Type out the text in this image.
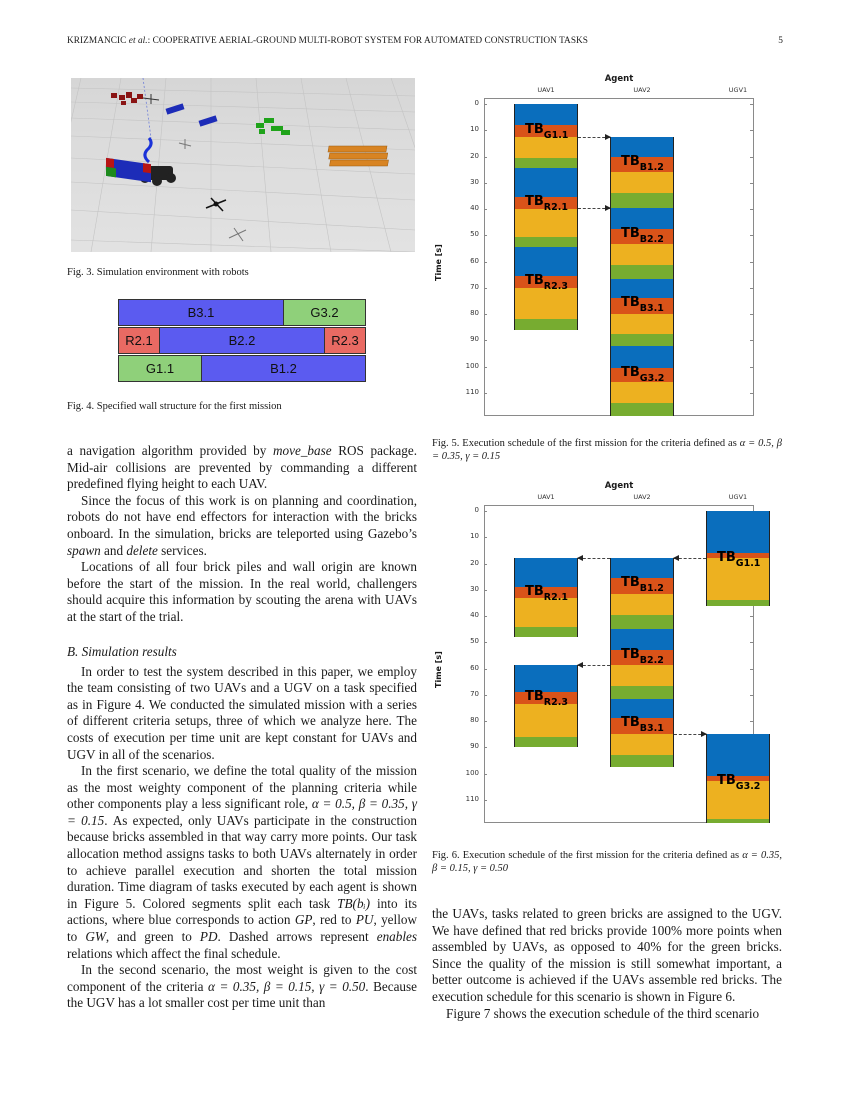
KRIZMANCIC et al.: COOPERATIVE AERIAL-GROUND MULTI-ROBOT SYSTEM FOR AUTOMATED CONSTRUCTION TASKS	5
Fig. 3. Simulation environment with robots
B3.1	G3.2
R2.1	B2.2	R2.3
G1.1	B1.2
Fig. 4. Specified wall structure for the first mission

a navigation algorithm provided by move_base ROS package. Mid-air collisions are prevented by commanding a different predefined flying height to each UAV.

Since the focus of this work is on planning and coordination, robots do not have end effectors for interaction with the bricks onboard. In the simulation, bricks are teleported using Gazebo’s spawn and delete services.

Locations of all four brick piles and wall origin are known before the start of the mission. In the real world, challengers should acquire this information by scouting the arena with UAVs at the start of the trial.

B. Simulation results

In order to test the system described in this paper, we employ the team consisting of two UAVs and a UGV on a task specified as in Figure 4. We conducted the simulated mission with a series of different criteria setups, three of which we analyze here. The costs of execution per time unit are kept constant for UAVs and UGV in all of the scenarios.

In the first scenario, we define the total quality of the mission as the most weighty component of the planning criteria while other components play a less significant role, α = 0.5, β = 0.35, γ = 0.15. As expected, only UAVs participate in the construction because bricks assembled in that way carry more points. Our task allocation method assigns tasks to both UAVs alternately in order to achieve parallel execution and shorten the total mission duration. Time diagram of tasks executed by each agent is shown in Figure 5. Colored segments split each task TB(bᵢ) into its actions, where blue corresponds to action GP, red to PU, yellow to GW, and green to PD. Dashed arrows represent enables relations which affect the final schedule.

In the second scenario, the most weight is given to the cost component of the criteria α = 0.35, β = 0.15, γ = 0.50. Because the UGV has a lot smaller cost per time unit than

Agent
UAV1	UAV2	UGV1
0
10
20
30
40
50
60
70
80
90
100
110
Time [s]
$TB_{G1.1}$
$TB_{R2.1}$
$TB_{R2.3}$
$TB_{B1.2}$
$TB_{B2.2}$
$TB_{B3.1}$
$TB_{G3.2}$
Fig. 5. Execution schedule of the first mission for the criteria defined as α = 0.5, β = 0.35, γ = 0.15
Agent
UAV1	UAV2	UGV1
0
10
20
30
40
50
60
70
80
90
100
110
Time [s]
$TB_{R2.1}$
$TB_{R2.3}$
$TB_{B1.2}$
$TB_{B2.2}$
$TB_{B3.1}$
$TB_{G1.1}$
$TB_{G3.2}$
Fig. 6. Execution schedule of the first mission for the criteria defined as α = 0.35, β = 0.15, γ = 0.50

the UAVs, tasks related to green bricks are assigned to the UGV. We have defined that red bricks provide 100% more points when assembled by UAVs, as opposed to 40% for the green bricks. Since the quality of the mission is still somewhat important, a better outcome is achieved if the UAVs assemble red bricks. The execution schedule for this scenario is shown in Figure 6.

Figure 7 shows the execution schedule of the third scenario
